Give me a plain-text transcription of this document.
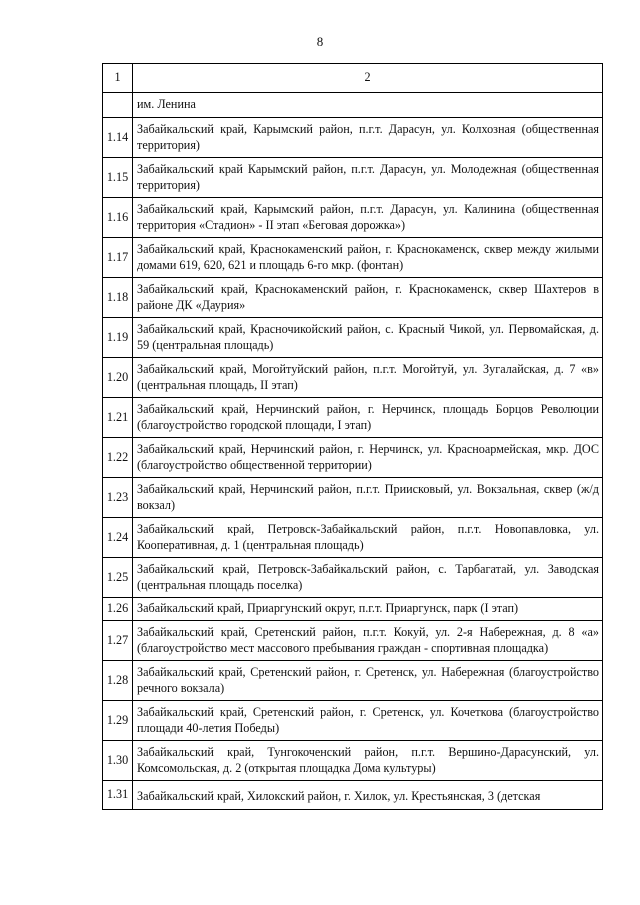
8
1	2
	им. Ленина
1.14	Забайкальский край, Карымский район, п.г.т. Дарасун, ул. Колхозная (общественная территория)
1.15	Забайкальский край Карымский район, п.г.т. Дарасун, ул. Молодежная (общественная территория)
1.16	Забайкальский край, Карымский район, п.г.т. Дарасун, ул. Калинина (общественная территория «Стадион» - II этап «Беговая дорожка»)
1.17	Забайкальский край, Краснокаменский район, г. Краснокаменск, сквер между жилыми домами 619, 620, 621 и площадь 6-го мкр. (фонтан)
1.18	Забайкальский край, Краснокаменский район, г. Краснокаменск, сквер Шахтеров в районе ДК «Даурия»
1.19	Забайкальский край, Красночикойский район, с. Красный Чикой, ул. Первомайская, д. 59 (центральная площадь)
1.20	Забайкальский край, Могойтуйский район, п.г.т. Могойтуй, ул. Зугалайская, д. 7 «в» (центральная площадь, II этап)
1.21	Забайкальский край, Нерчинский район, г. Нерчинск, площадь Борцов Революции (благоустройство городской площади, I этап)
1.22	Забайкальский край, Нерчинский район, г. Нерчинск, ул. Красноармейская, мкр. ДОС (благоустройство общественной территории)
1.23	Забайкальский край, Нерчинский район, п.г.т. Приисковый, ул. Вокзальная, сквер (ж/д вокзал)
1.24	Забайкальский край, Петровск-Забайкальский район, п.г.т. Новопавловка, ул. Кооперативная, д. 1 (центральная площадь)
1.25	Забайкальский край, Петровск-Забайкальский район, с. Тарбагатай, ул. Заводская (центральная площадь поселка)
1.26	Забайкальский край, Приаргунский округ, п.г.т. Приаргунск, парк (I этап)
1.27	Забайкальский край, Сретенский район, п.г.т. Кокуй, ул. 2-я Набережная, д. 8 «а» (благоустройство мест массового пребывания граждан - спортивная площадка)
1.28	Забайкальский край, Сретенский район, г. Сретенск, ул. Набережная (благоустройство речного вокзала)
1.29	Забайкальский край, Сретенский район, г. Сретенск, ул. Кочеткова (благоустройство площади 40-летия Победы)
1.30	Забайкальский край, Тунгокоченский район, п.г.т. Вершино-Дарасунский, ул. Комсомольская, д. 2 (открытая площадка Дома культуры)
1.31	Забайкальский край, Хилокский район, г. Хилок, ул. Крестьянская, 3 (детская
